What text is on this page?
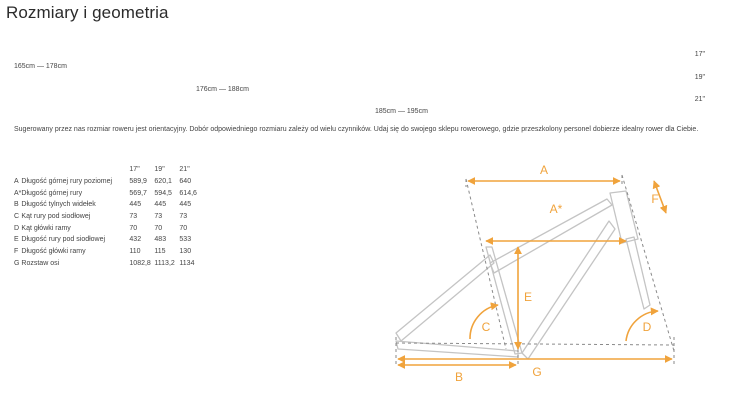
Rozmiary i geometria
165cm — 178cm
176cm — 188cm
185cm — 195cm
17"
19"
21"

Sugerowany przez nas rozmiar roweru jest orientacyjny. Dobór odpowiedniego rozmiaru zależy od wielu czynników. Udaj się do swojego sklepu rowerowego, gdzie przeszkolony personel dobierze idealny rower dla Ciebie.

		17"	19"	21"
A	Długość górnej rury poziomej	589,9	620,1	640
A*	Długość górnej rury	569,7	594,5	614,6
B	Długość tylnych widełek	445	445	445
C	Kąt rury pod siodłowej	73	73	73
D	Kąt główki ramy	70	70	70
E	Długość rury pod siodłowej	432	483	533
F	Długość główki ramy	110	115	130
G	Rozstaw osi	1082,8	1113,2	1134
A
A*
E
F
C	D
B	G
